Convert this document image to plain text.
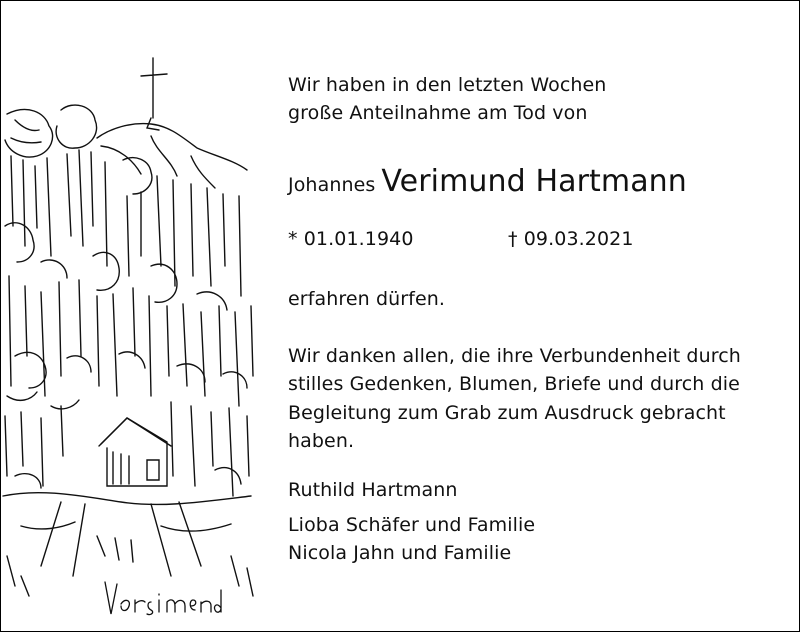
Wir haben in den letzten Wochen
große Anteilnahme am Tod von
Johannes Verimund Hartmann
* 01.01.1940	† 09.03.2021
erfahren dürfen.
Wir danken allen, die ihre Verbundenheit durch stilles Gedenken, Blumen, Briefe und durch die Begleitung zum Grab zum Ausdruck gebracht haben.
Ruthild Hartmann
Lioba Schäfer und Familie
Nicola Jahn und Familie
